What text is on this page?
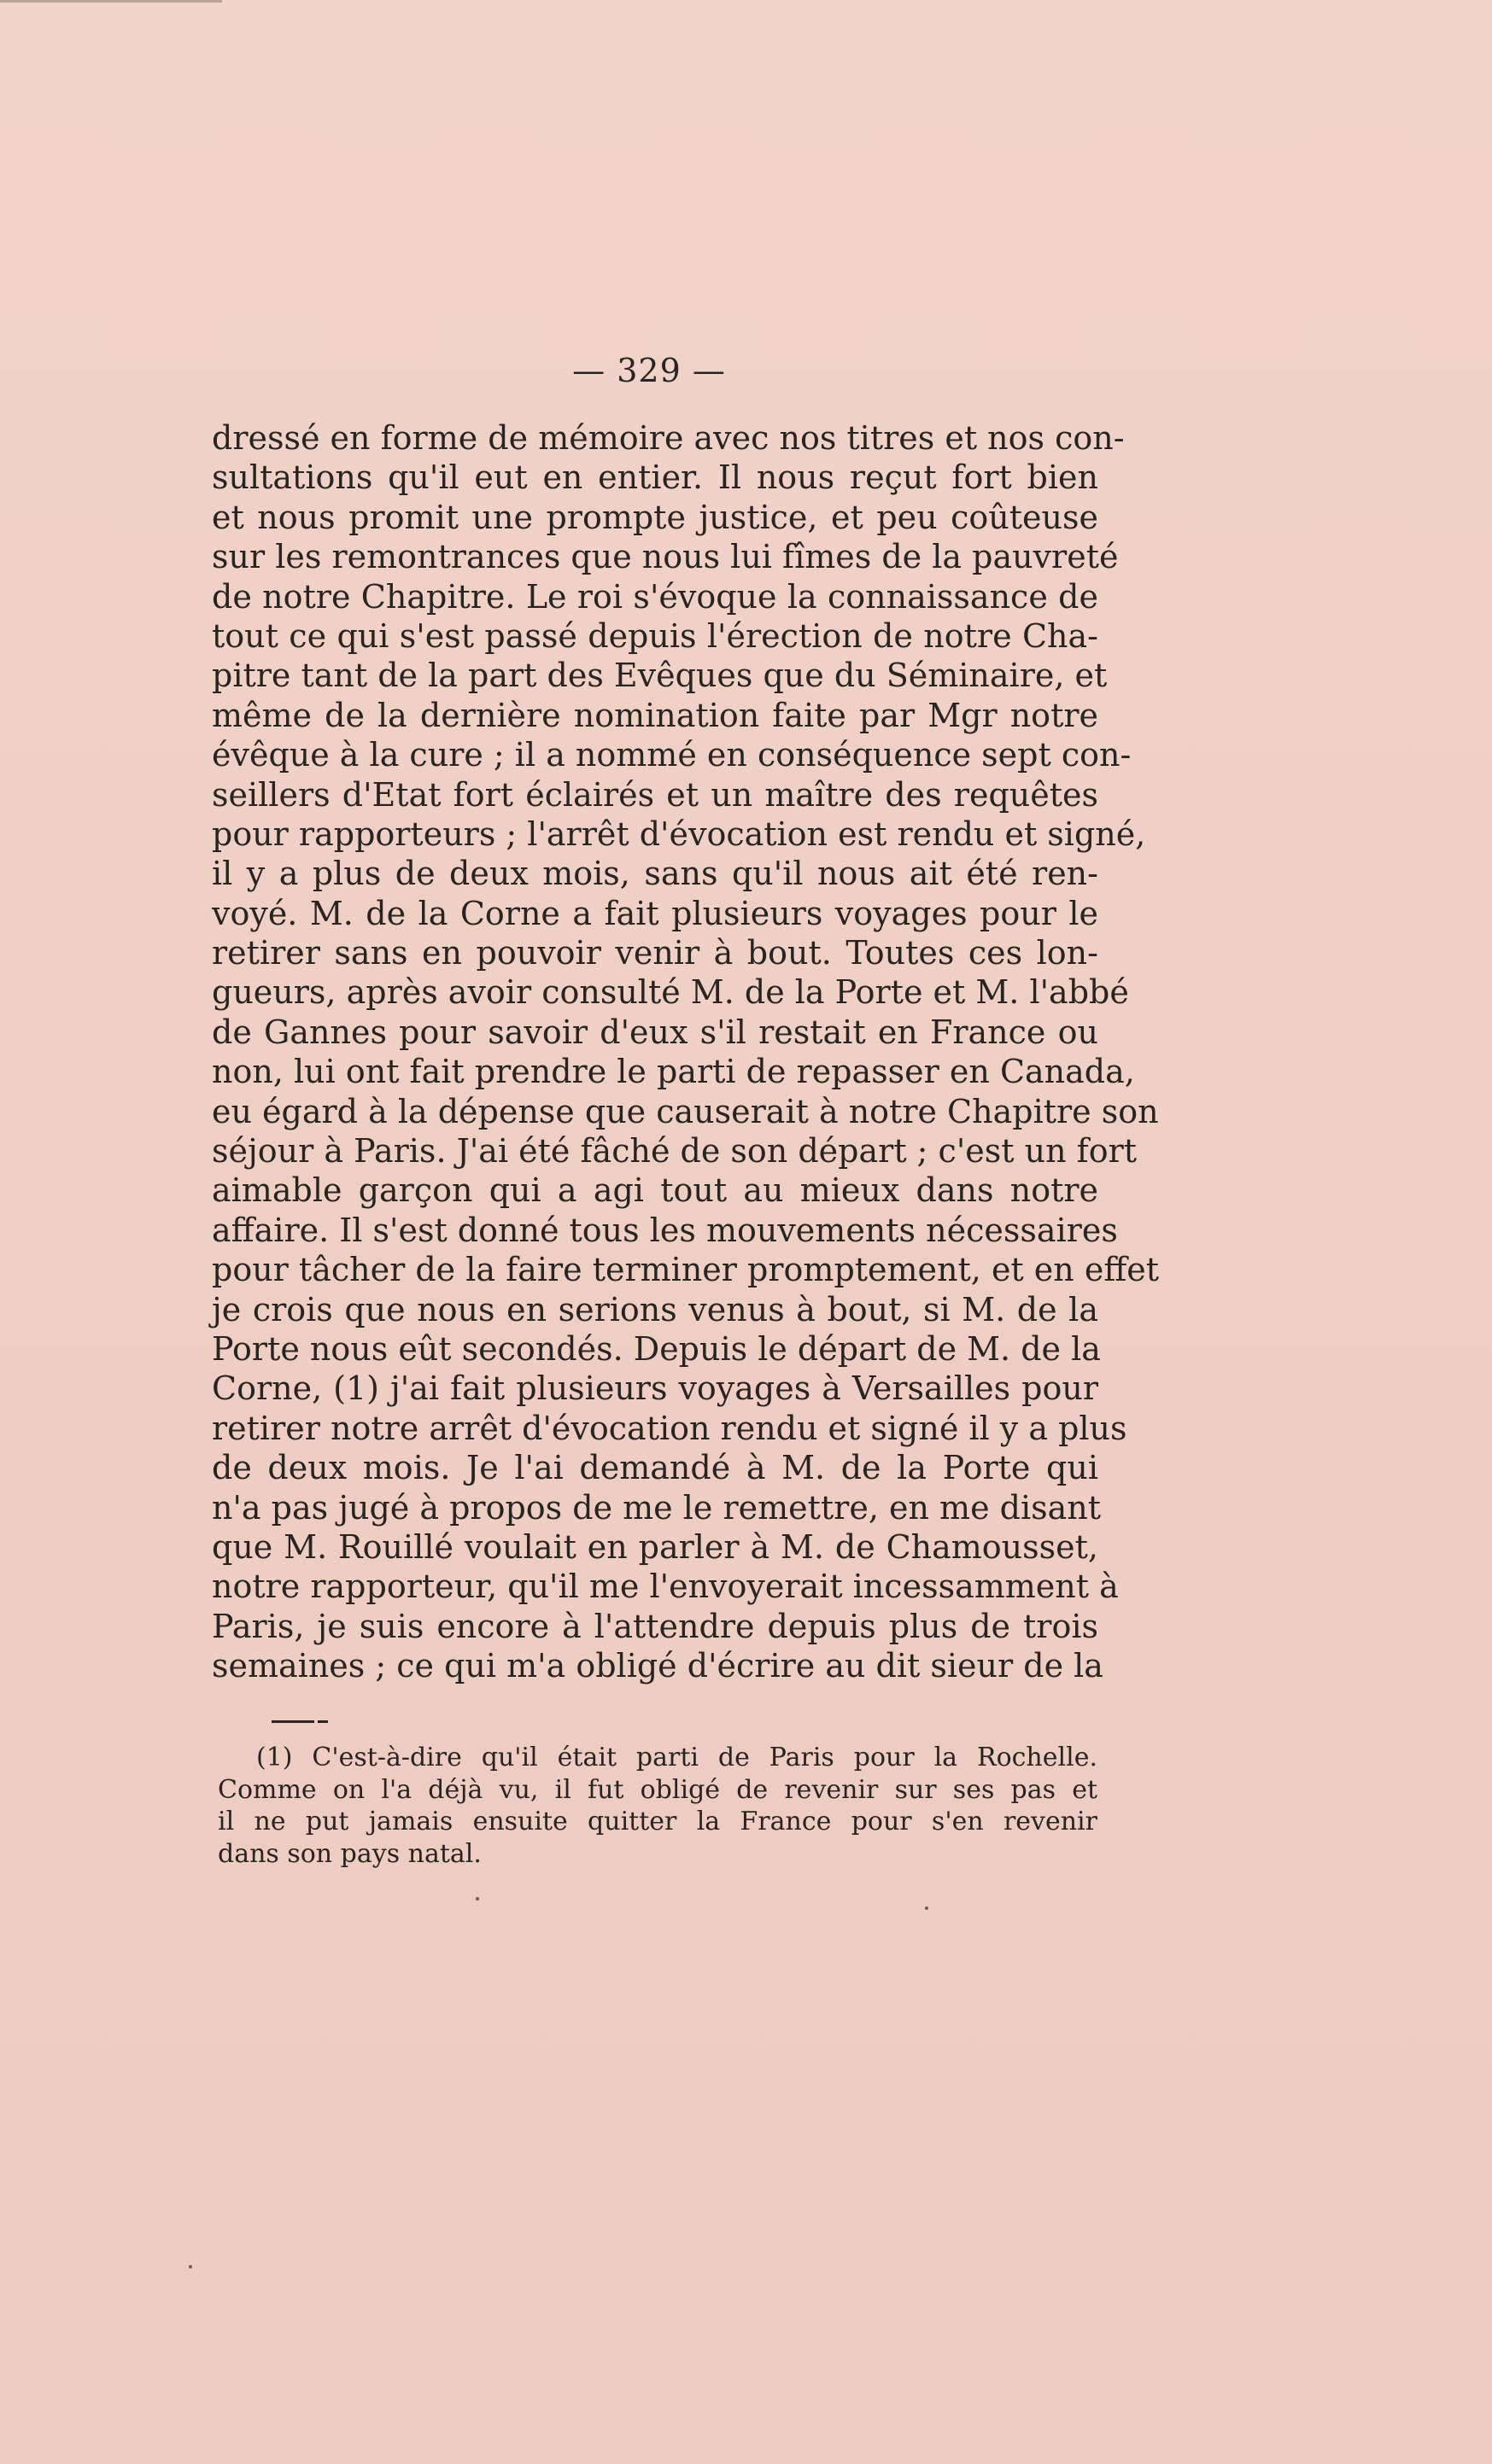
— 329 —
dressé en forme de mémoire avec nos titres et nos con-
sultations qu'il eut en entier. Il nous reçut fort bien
et nous promit une prompte justice, et peu coûteuse
sur les remontrances que nous lui fîmes de la pauvreté
de notre Chapitre. Le roi s'évoque la connaissance de
tout ce qui s'est passé depuis l'érection de notre Cha-
pitre tant de la part des Evêques que du Séminaire, et
même de la dernière nomination faite par Mgr notre
évêque à la cure ; il a nommé en conséquence sept con-
seillers d'Etat fort éclairés et un maître des requêtes
pour rapporteurs ; l'arrêt d'évocation est rendu et signé,
il y a plus de deux mois, sans qu'il nous ait été ren-
voyé. M. de la Corne a fait plusieurs voyages pour le
retirer sans en pouvoir venir à bout. Toutes ces lon-
gueurs, après avoir consulté M. de la Porte et M. l'abbé
de Gannes pour savoir d'eux s'il restait en France ou
non, lui ont fait prendre le parti de repasser en Canada,
eu égard à la dépense que causerait à notre Chapitre son
séjour à Paris. J'ai été fâché de son départ ; c'est un fort
aimable garçon qui a agi tout au mieux dans notre
affaire. Il s'est donné tous les mouvements nécessaires
pour tâcher de la faire terminer promptement, et en effet
je crois que nous en serions venus à bout, si M. de la
Porte nous eût secondés. Depuis le départ de M. de la
Corne, (1) j'ai fait plusieurs voyages à Versailles pour
retirer notre arrêt d'évocation rendu et signé il y a plus
de deux mois. Je l'ai demandé à M. de la Porte qui
n'a pas jugé à propos de me le remettre, en me disant
que M. Rouillé voulait en parler à M. de Chamousset,
notre rapporteur, qu'il me l'envoyerait incessamment à
Paris, je suis encore à l'attendre depuis plus de trois
semaines ; ce qui m'a obligé d'écrire au dit sieur de la
(1) C'est-à-dire qu'il était parti de Paris pour la Rochelle.
Comme on l'a déjà vu, il fut obligé de revenir sur ses pas et
il ne put jamais ensuite quitter la France pour s'en revenir
dans son pays natal.
